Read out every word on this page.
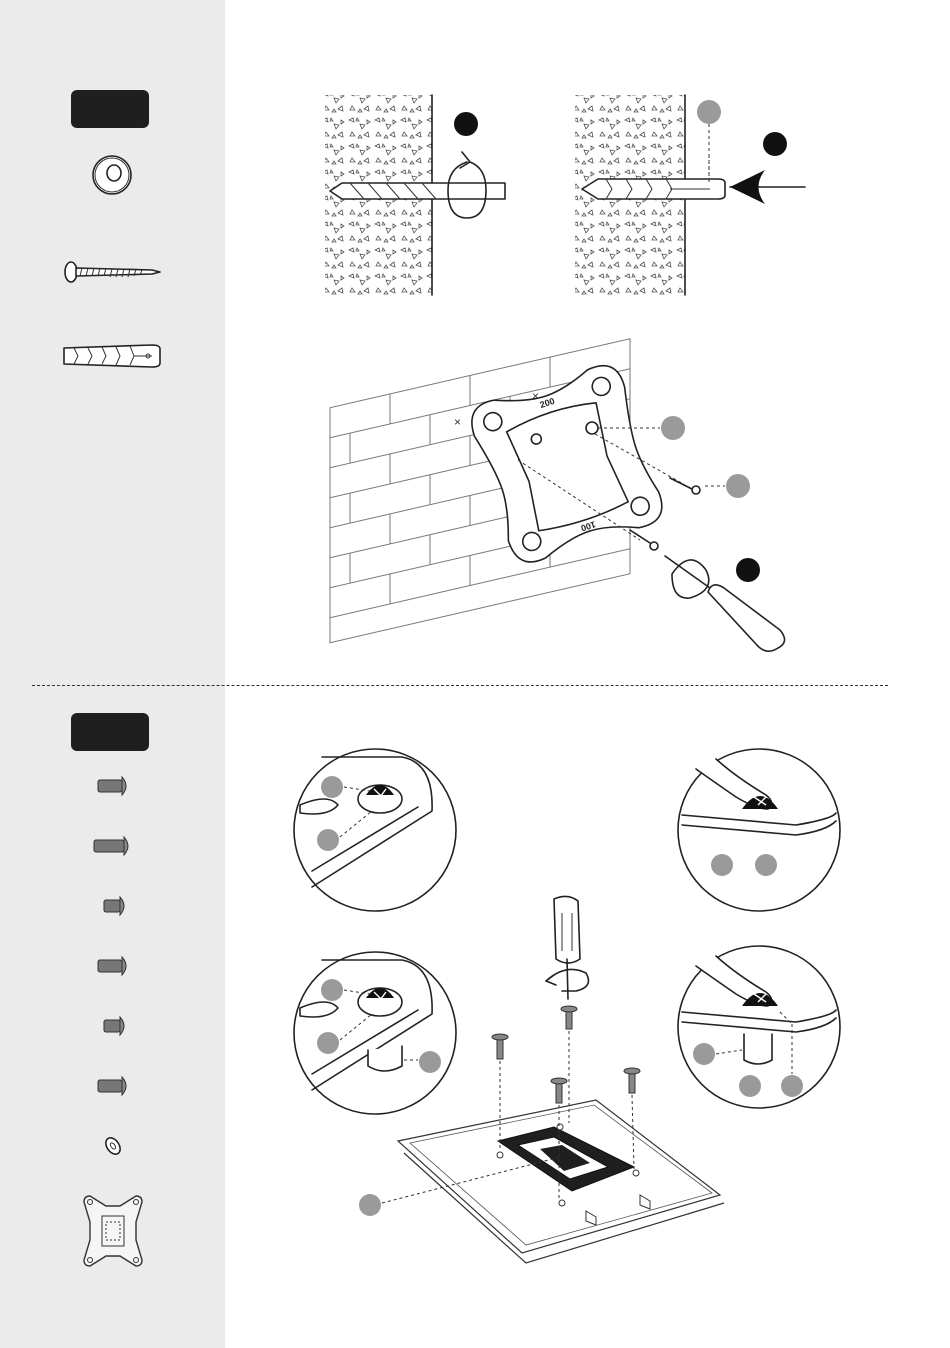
200
100
×
×
